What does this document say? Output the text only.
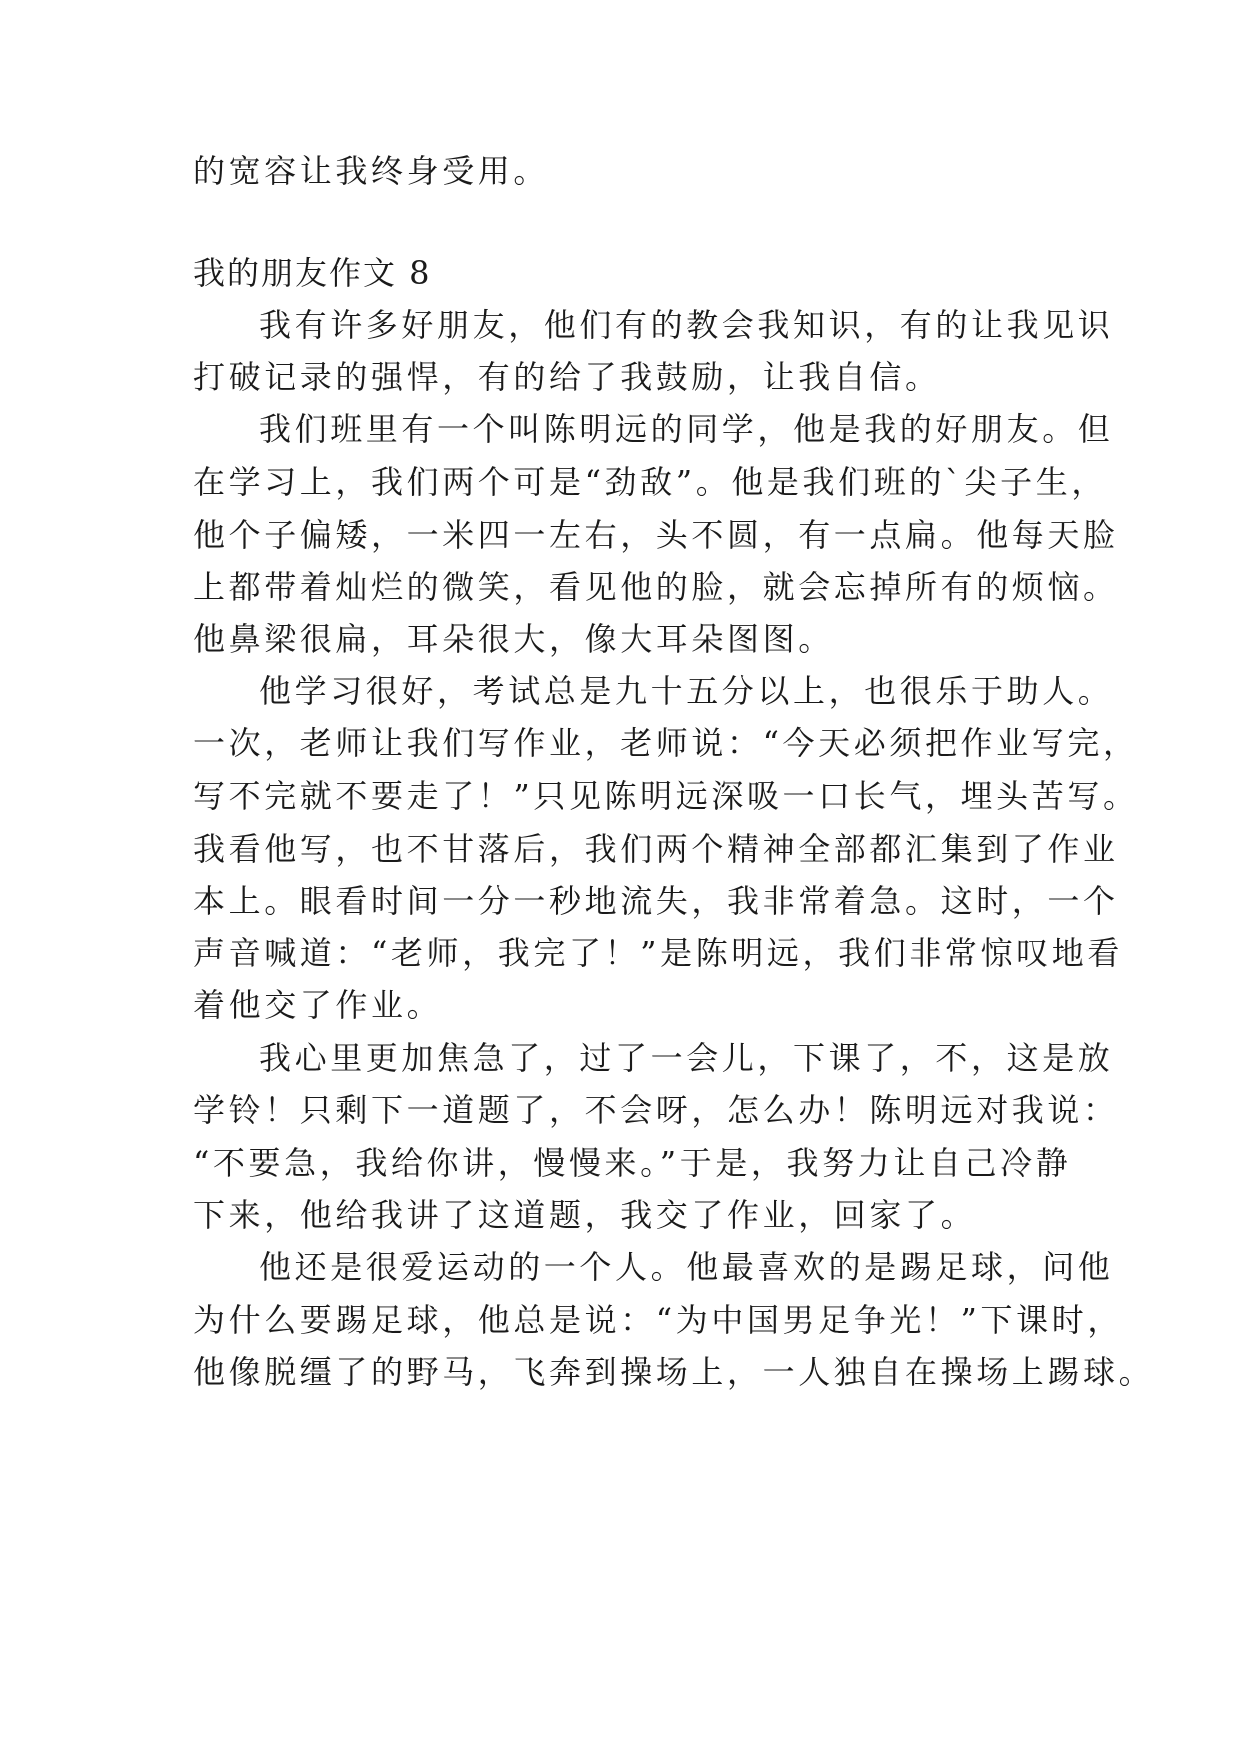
的宽容让我终身受用。
我的朋友作文 8
我有许多好朋友，他们有的教会我知识，有的让我见识
打破记录的强悍，有的给了我鼓励，让我自信。
我们班里有一个叫陈明远的同学，他是我的好朋友。但
在学习上，我们两个可是“劲敌”。他是我们班的`尖子生，
他个子偏矮，一米四一左右，头不圆，有一点扁。他每天脸
上都带着灿烂的微笑，看见他的脸，就会忘掉所有的烦恼。
他鼻梁很扁，耳朵很大，像大耳朵图图。
他学习很好，考试总是九十五分以上，也很乐于助人。
一次，老师让我们写作业，老师说：“今天必须把作业写完，
写不完就不要走了！”只见陈明远深吸一口长气，埋头苦写。
我看他写，也不甘落后，我们两个精神全部都汇集到了作业
本上。眼看时间一分一秒地流失，我非常着急。这时，一个
声音喊道：“老师，我完了！”是陈明远，我们非常惊叹地看
着他交了作业。
我心里更加焦急了，过了一会儿，下课了，不，这是放
学铃！只剩下一道题了，不会呀，怎么办！陈明远对我说：
“不要急，我给你讲，慢慢来。”于是，我努力让自己冷静
下来，他给我讲了这道题，我交了作业，回家了。
他还是很爱运动的一个人。他最喜欢的是踢足球，问他
为什么要踢足球，他总是说：“为中国男足争光！”下课时，
他像脱缰了的野马，飞奔到操场上，一人独自在操场上踢球。
